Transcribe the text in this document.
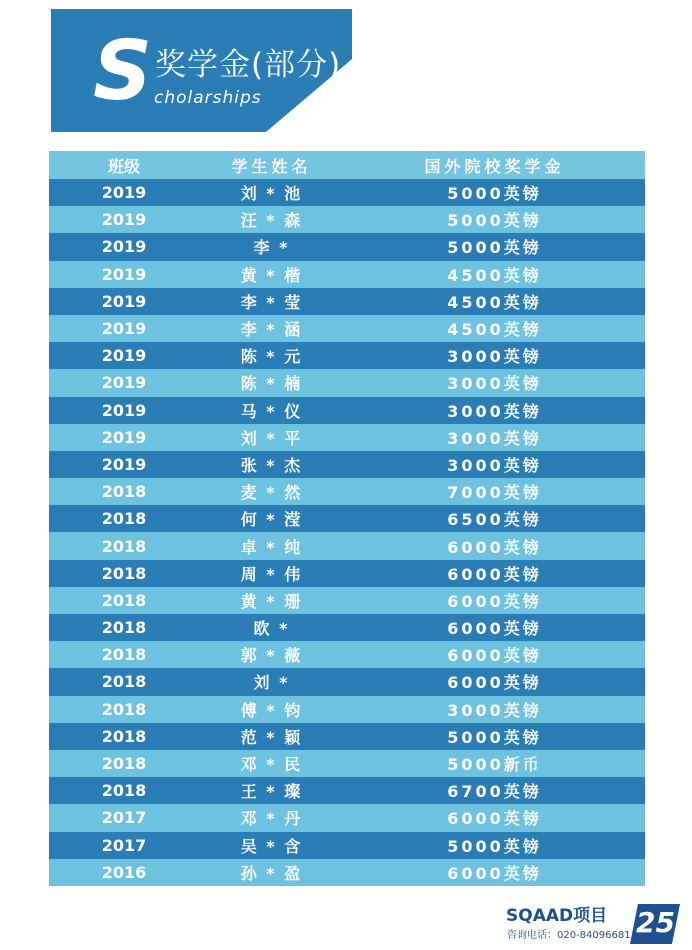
S 奖学金(部分)
cholarships
班级	学生姓名	国外院校奖学金
2019	刘 * 池	5000英镑
2019	汪 * 森	5000英镑
2019	李 *	5000英镑
2019	黄 * 楷	4500英镑
2019	李 * 莹	4500英镑
2019	李 * 涵	4500英镑
2019	陈 * 元	3000英镑
2019	陈 * 楠	3000英镑
2019	马 * 仪	3000英镑
2019	刘 * 平	3000英镑
2019	张 * 杰	3000英镑
2018	麦 * 然	7000英镑
2018	何 * 滢	6500英镑
2018	卓 * 纯	6000英镑
2018	周 * 伟	6000英镑
2018	黄 * 珊	6000英镑
2018	欧 *	6000英镑
2018	郭 * 薇	6000英镑
2018	刘 *	6000英镑
2018	傅 * 钧	3000英镑
2018	范 * 颖	5000英镑
2018	邓 * 民	5000新币
2018	王 * 璨	6700英镑
2017	邓 * 丹	6000英镑
2017	吴 * 含	5000英镑
2016	孙 * 盈	6000英镑
SQAAD项目
咨询电话：020-84096681 25
